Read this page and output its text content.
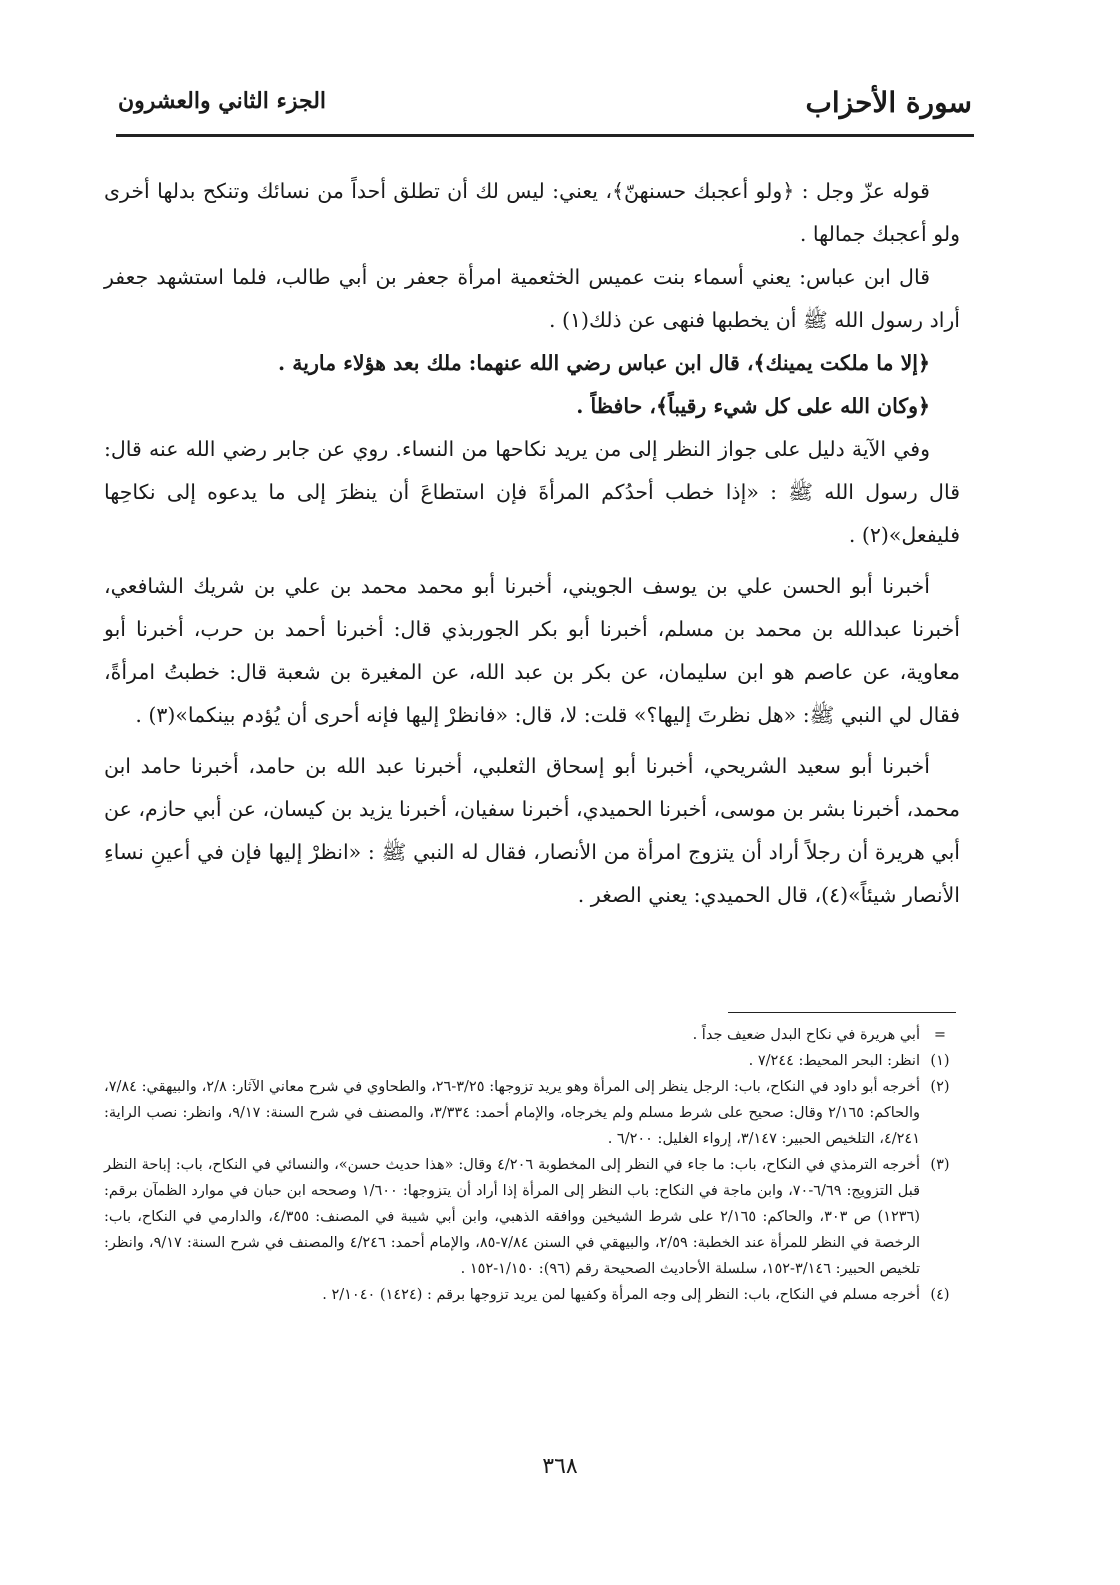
سورة الأحزاب
الجزء الثاني والعشرون

قوله عزّ وجل : ﴿ولو أعجبك حسنهنّ﴾، يعني: ليس لك أن تطلق أحداً من نسائك وتنكح بدلها أخرى ولو أعجبك جمالها .

قال ابن عباس: يعني أسماء بنت عميس الخثعمية امرأة جعفر بن أبي طالب، فلما استشهد جعفر أراد رسول الله ﷺ أن يخطبها فنهى عن ذلك(١) .

﴿إلا ما ملكت يمينك﴾، قال ابن عباس رضي الله عنهما: ملك بعد هؤلاء مارية .

﴿وكان الله على كل شيء رقيباً﴾، حافظاً .

وفي الآية دليل على جواز النظر إلى من يريد نكاحها من النساء. روي عن جابر رضي الله عنه قال: قال رسول الله ﷺ : «إذا خطب أحدُكم المرأةَ فإن استطاعَ أن ينظرَ إلى ما يدعوه إلى نكاحِها فليفعل»(٢) .

أخبرنا أبو الحسن علي بن يوسف الجويني، أخبرنا أبو محمد محمد بن علي بن شريك الشافعي، أخبرنا عبدالله بن محمد بن مسلم، أخبرنا أبو بكر الجوربذي قال: أخبرنا أحمد بن حرب، أخبرنا أبو معاوية، عن عاصم هو ابن سليمان، عن بكر بن عبد الله، عن المغيرة بن شعبة قال: خطبتُ امرأةً، فقال لي النبي ﷺ: «هل نظرتَ إليها؟» قلت: لا، قال: «فانظرْ إليها فإنه أحرى أن يُؤدم بينكما»(٣) .

أخبرنا أبو سعيد الشريحي، أخبرنا أبو إسحاق الثعلبي، أخبرنا عبد الله بن حامد، أخبرنا حامد ابن محمد، أخبرنا بشر بن موسى، أخبرنا الحميدي، أخبرنا سفيان، أخبرنا يزيد بن كيسان، عن أبي حازم، عن أبي هريرة أن رجلاً أراد أن يتزوج امرأة من الأنصار، فقال له النبي ﷺ : «انظرْ إليها فإن في أعينِ نساءِ الأنصار شيئاً»(٤)، قال الحميدي: يعني الصغر .

=
أبي هريرة في نكاح البدل ضعيف جداً .
(١)
انظر: البحر المحيط: ٧/٢٤٤ .
(٢)
أخرجه أبو داود في النكاح، باب: الرجل ينظر إلى المرأة وهو يريد تزوجها: ٣/٢٥-٢٦، والطحاوي في شرح معاني الآثار: ٢/٨، والبيهقي: ٧/٨٤، والحاكم: ٢/١٦٥ وقال: صحيح على شرط مسلم ولم يخرجاه، والإمام أحمد: ٣/٣٣٤، والمصنف في شرح السنة: ٩/١٧، وانظر: نصب الراية: ٤/٢٤١، التلخيص الحبير: ٣/١٤٧، إرواء الغليل: ٦/٢٠٠ .
(٣)
أخرجه الترمذي في النكاح، باب: ما جاء في النظر إلى المخطوبة ٤/٢٠٦ وقال: «هذا حديث حسن»، والنسائي في النكاح، باب: إباحة النظر قبل التزويج: ٦/٦٩-٧٠، وابن ماجة في النكاح: باب النظر إلى المرأة إذا أراد أن يتزوجها: ١/٦٠٠ وصححه ابن حبان في موارد الظمآن برقم: (١٢٣٦) ص ٣٠٣، والحاكم: ٢/١٦٥ على شرط الشيخين ووافقه الذهبي، وابن أبي شيبة في المصنف: ٤/٣٥٥، والدارمي في النكاح، باب: الرخصة في النظر للمرأة عند الخطبة: ٢/٥٩، والبيهقي في السنن ٧/٨٤-٨٥، والإمام أحمد: ٤/٢٤٦ والمصنف في شرح السنة: ٩/١٧، وانظر: تلخيص الحبير: ٣/١٤٦-١٥٢، سلسلة الأحاديث الصحيحة رقم (٩٦): ١/١٥٠-١٥٢ .
(٤)
أخرجه مسلم في النكاح، باب: النظر إلى وجه المرأة وكفيها لمن يريد تزوجها برقم : (١٤٢٤) ٢/١٠٤٠ .
٣٦٨
